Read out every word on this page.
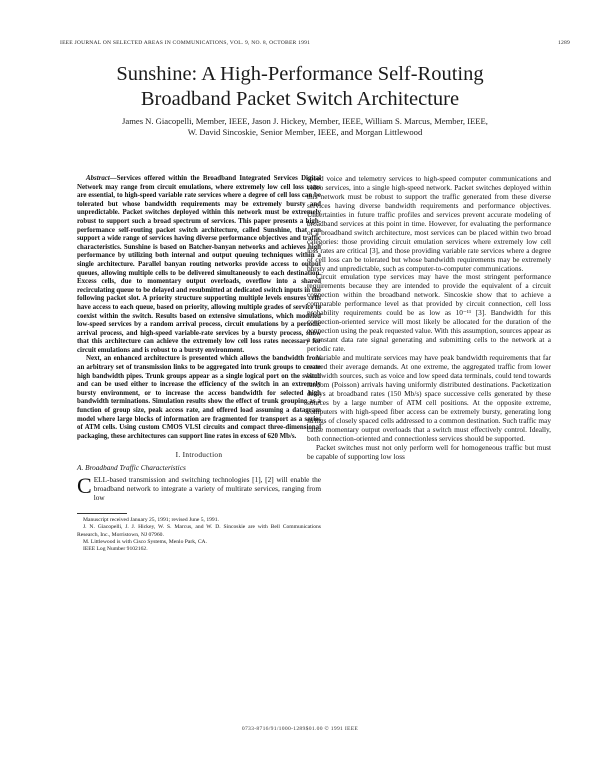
IEEE JOURNAL ON SELECTED AREAS IN COMMUNICATIONS, VOL. 9, NO. 8, OCTOBER 1991	1289
Sunshine: A High-Performance Self-Routing
Broadband Packet Switch Architecture
James N. Giacopelli, Member, IEEE, Jason J. Hickey, Member, IEEE, William S. Marcus, Member, IEEE,
W. David Sincoskie, Senior Member, IEEE, and Morgan Littlewood

Abstract—Services offered within the Broadband Integrated Services Digital Network may range from circuit emulations, where extremely low cell loss rates are essential, to high-speed variable rate services where a degree of cell loss can be tolerated but whose bandwidth requirements may be extremely bursty and unpredictable. Packet switches deployed within this network must be extremely robust to support such a broad spectrum of services. This paper presents a high-performance self-routing packet switch architecture, called Sunshine, that can support a wide range of services having diverse performance objectives and traffic characteristics. Sunshine is based on Batcher-banyan networks and achieves high performance by utilizing both internal and output queuing techniques within a single architecture. Parallel banyan routing networks provide access to output queues, allowing multiple cells to be delivered simultaneously to each destination. Excess cells, due to momentary output overloads, overflow into a shared recirculating queue to be delayed and resubmitted at dedicated switch inputs in the following packet slot. A priority structure supporting multiple levels ensures cells have access to each queue, based on priority, allowing multiple grades of service to coexist within the switch. Results based on extensive simulations, which modeled low-speed services by a random arrival process, circuit emulations by a periodic arrival process, and high-speed variable-rate services by a bursty process, show that this architecture can achieve the extremely low cell loss rates necessary for circuit emulations and is robust to a bursty environment.

Next, an enhanced architecture is presented which allows the bandwidth from an arbitrary set of transmission links to be aggregated into trunk groups to create high bandwidth pipes. Trunk groups appear as a single logical port on the switch and can be used either to increase the efficiency of the switch in an extremely bursty environment, or to increase the access bandwidth for selected high bandwidth terminations. Simulation results show the effect of trunk grouping as a function of group size, peak access rate, and offered load assuming a datagram model where large blocks of information are fragmented for transport as a series of ATM cells. Using custom CMOS VLSI circuits and compact three-dimensional packaging, these architectures can support line rates in excess of 620 Mb/s.

I. Introduction
A. Broadband Traffic Characteristics

CELL-based transmission and switching technologies [1], [2] will enable the broadband network to integrate a variety of multirate services, ranging from low

Manuscript received January 25, 1991; revised June 5, 1991.
J. N. Giacopelli, J. J. Hickey, W. S. Marcus, and W. D. Sincoskie are with Bell Communications Research, Inc., Morristown, NJ 07960.
M. Littlewood is with Cisco Systems, Menlo Park, CA.
IEEE Log Number 9102162.

speed voice and telemetry services to high-speed computer communications and video services, into a single high-speed network. Packet switches deployed within this network must be robust to support the traffic generated from these diverse services having diverse bandwidth requirements and performance objectives. Uncertainties in future traffic profiles and services prevent accurate modeling of broadband services at this point in time. However, for evaluating the performance of a broadband switch architecture, most services can be placed within two broad categories: those providing circuit emulation services where extremely low cell loss rates are critical [3], and those providing variable rate services where a degree of cell loss can be tolerated but whose bandwidth requirements may be extremely bursty and unpredictable, such as computer-to-computer communications.

Circuit emulation type services may have the most stringent performance requirements because they are intended to provide the equivalent of a circuit connection within the broadband network. Sincoskie show that to achieve a comparable performance level as that provided by circuit connection, cell loss probability requirements could be as low as 10⁻¹¹ [3]. Bandwidth for this connection-oriented service will most likely be allocated for the duration of the connection using the peak requested value. With this assumption, sources appear as a constant data rate signal generating and submitting cells to the network at a periodic rate.

Variable and multirate services may have peak bandwidth requirements that far exceed their average demands. At one extreme, the aggregated traffic from lower bandwidth sources, such as voice and low speed data terminals, could tend towards random (Poisson) arrivals having uniformly distributed destinations. Packetization delays at broadband rates (150 Mb/s) space successive cells generated by these sources by a large number of ATM cell positions. At the opposite extreme, computers with high-speed fiber access can be extremely bursty, generating long strings of closely spaced cells addressed to a common destination. Such traffic may cause momentary output overloads that a switch must effectively control. Ideally, both connection-oriented and connectionless services should be supported.

Packet switches must not only perform well for homogeneous traffic but must be capable of supporting low loss

0733-8716/91/1000-1289$01.00 © 1991 IEEE
